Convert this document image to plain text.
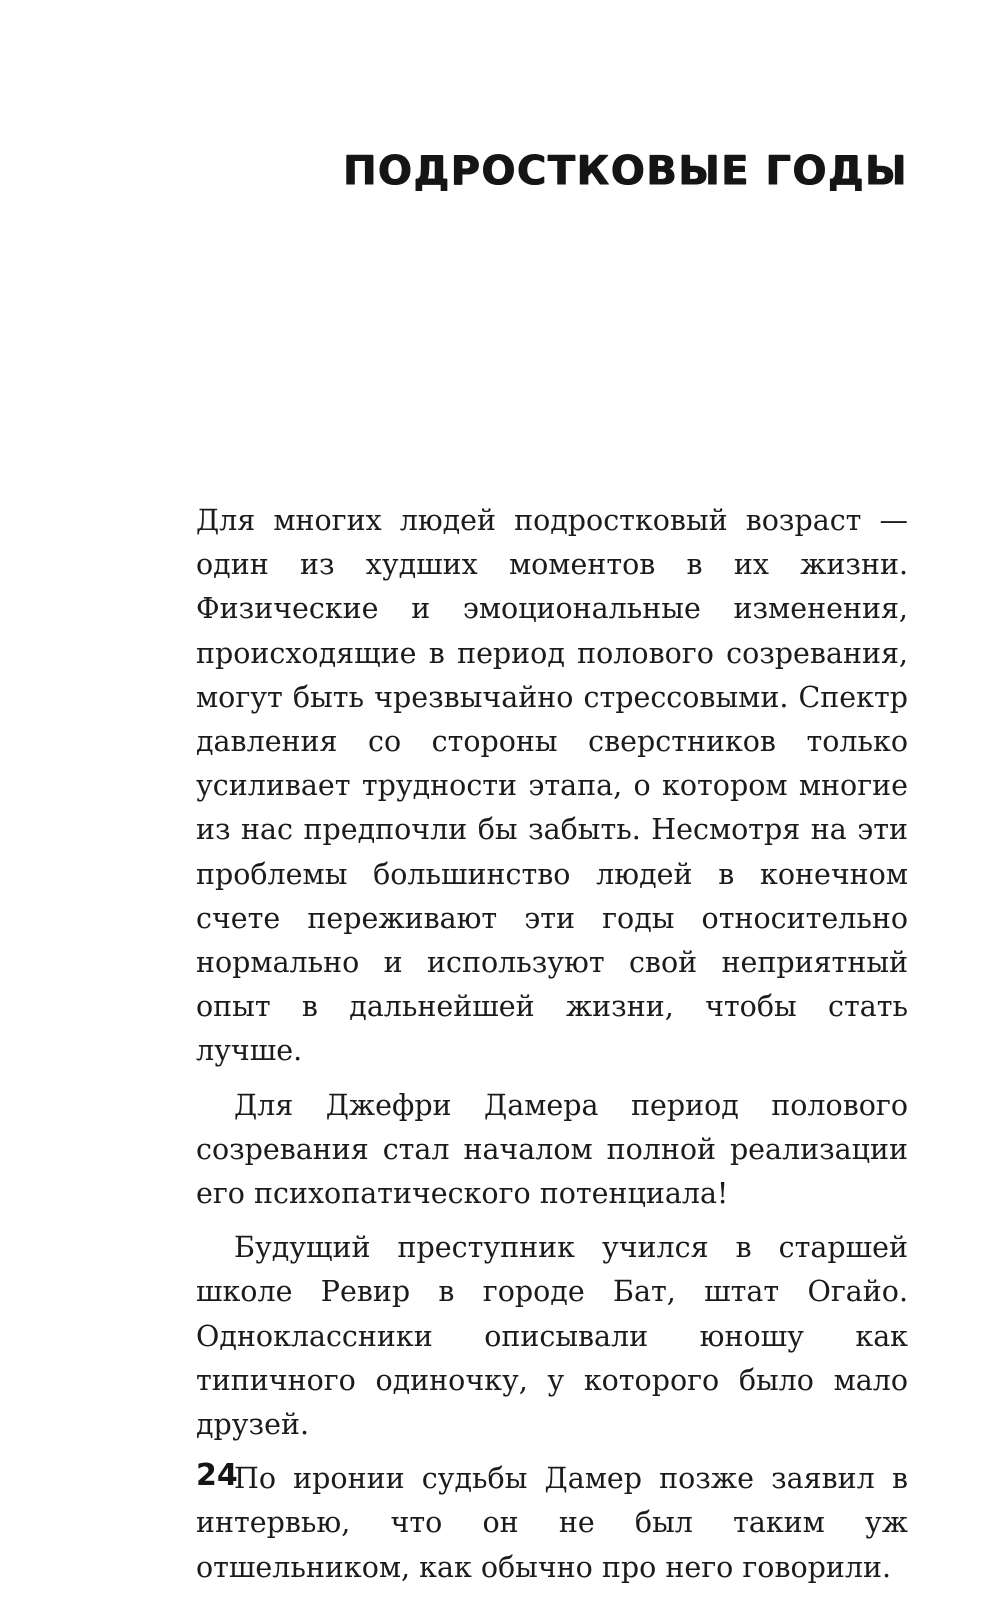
ПОДРОСТКОВЫЕ ГОДЫ

Для многих людей подростковый возраст — один из худших моментов в их жизни. Физические и эмоциональные изменения, происходящие в период полового созревания, могут быть чрезвычайно стрессовыми. Спектр давления со стороны сверстников только усиливает трудности этапа, о котором многие из нас предпочли бы забыть. Несмотря на эти проблемы большинство людей в конечном счете переживают эти годы относительно нормально и используют свой неприятный опыт в дальнейшей жизни, чтобы стать лучше.

Для Джефри Дамера период полового созревания стал началом полной реализации его психопатического потенциала!

Будущий преступник учился в старшей школе Ревир в городе Бат, штат Огайо. Одноклассники описывали юношу как типичного одиночку, у которого было мало друзей.

По иронии судьбы Дамер позже заявил в интервью, что он не был таким уж отшельником, как обычно про него говорили.

24
